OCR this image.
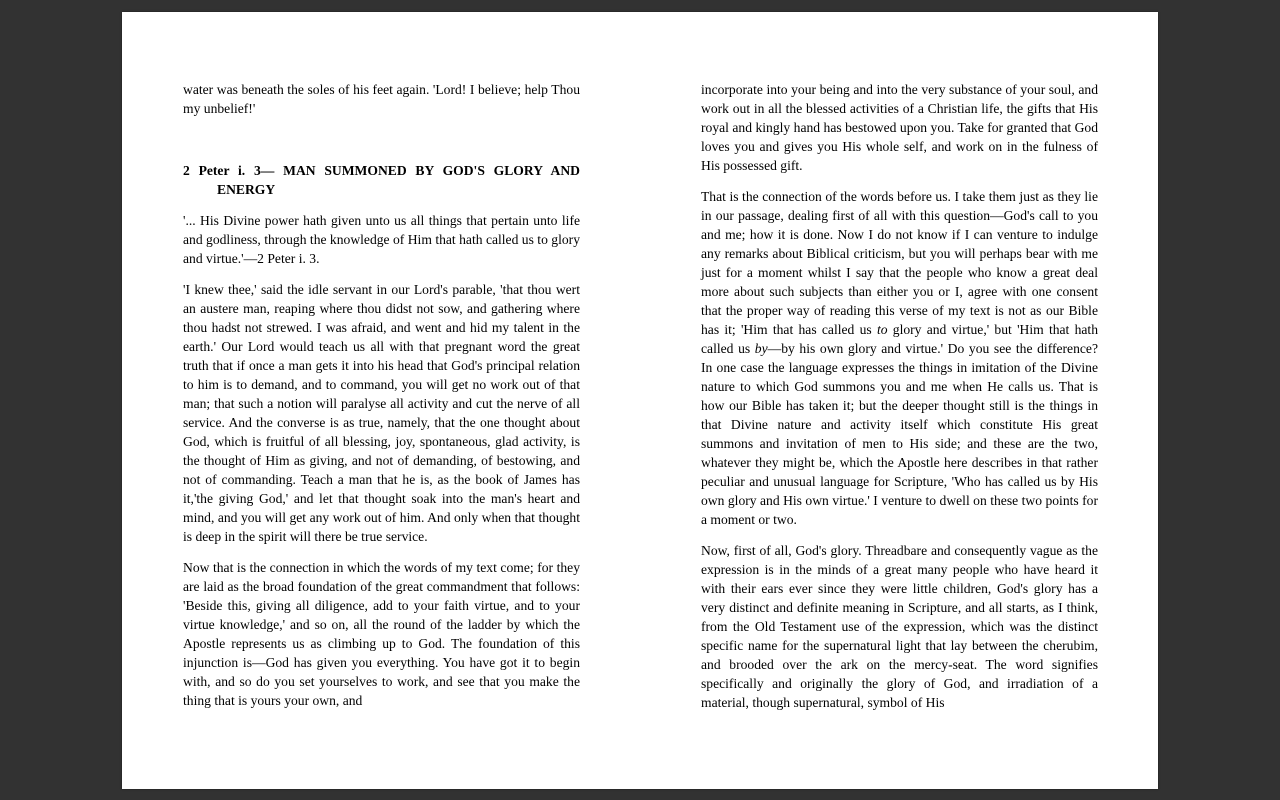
water was beneath the soles of his feet again. 'Lord! I believe; help Thou my unbelief!'

2 Peter i. 3— MAN SUMMONED BY GOD'S GLORY AND ENERGY

'... His Divine power hath given unto us all things that pertain unto life and godliness, through the knowledge of Him that hath called us to glory and virtue.'—2 Peter i. 3.

'I knew thee,' said the idle servant in our Lord's parable, 'that thou wert an austere man, reaping where thou didst not sow, and gathering where thou hadst not strewed. I was afraid, and went and hid my talent in the earth.' Our Lord would teach us all with that pregnant word the great truth that if once a man gets it into his head that God's principal relation to him is to demand, and to command, you will get no work out of that man; that such a notion will paralyse all activity and cut the nerve of all service. And the converse is as true, namely, that the one thought about God, which is fruitful of all blessing, joy, spontaneous, glad activity, is the thought of Him as giving, and not of demanding, of bestowing, and not of commanding. Teach a man that he is, as the book of James has it,'the giving God,' and let that thought soak into the man's heart and mind, and you will get any work out of him. And only when that thought is deep in the spirit will there be true service.

Now that is the connection in which the words of my text come; for they are laid as the broad foundation of the great commandment that follows: 'Beside this, giving all diligence, add to your faith virtue, and to your virtue knowledge,' and so on, all the round of the ladder by which the Apostle represents us as climbing up to God. The foundation of this injunction is—God has given you everything. You have got it to begin with, and so do you set yourselves to work, and see that you make the thing that is yours your own, and

incorporate into your being and into the very substance of your soul, and work out in all the blessed activities of a Christian life, the gifts that His royal and kingly hand has bestowed upon you. Take for granted that God loves you and gives you His whole self, and work on in the fulness of His possessed gift.

That is the connection of the words before us. I take them just as they lie in our passage, dealing first of all with this question—God's call to you and me; how it is done. Now I do not know if I can venture to indulge any remarks about Biblical criticism, but you will perhaps bear with me just for a moment whilst I say that the people who know a great deal more about such subjects than either you or I, agree with one consent that the proper way of reading this verse of my text is not as our Bible has it; 'Him that has called us to glory and virtue,' but 'Him that hath called us by—by his own glory and virtue.' Do you see the difference? In one case the language expresses the things in imitation of the Divine nature to which God summons you and me when He calls us. That is how our Bible has taken it; but the deeper thought still is the things in that Divine nature and activity itself which constitute His great summons and invitation of men to His side; and these are the two, whatever they might be, which the Apostle here describes in that rather peculiar and unusual language for Scripture, 'Who has called us by His own glory and His own virtue.' I venture to dwell on these two points for a moment or two.

Now, first of all, God's glory. Threadbare and consequently vague as the expression is in the minds of a great many people who have heard it with their ears ever since they were little children, God's glory has a very distinct and definite meaning in Scripture, and all starts, as I think, from the Old Testament use of the expression, which was the distinct specific name for the supernatural light that lay between the cherubim, and brooded over the ark on the mercy-seat. The word signifies specifically and originally the glory of God, and irradiation of a material, though supernatural, symbol of His
